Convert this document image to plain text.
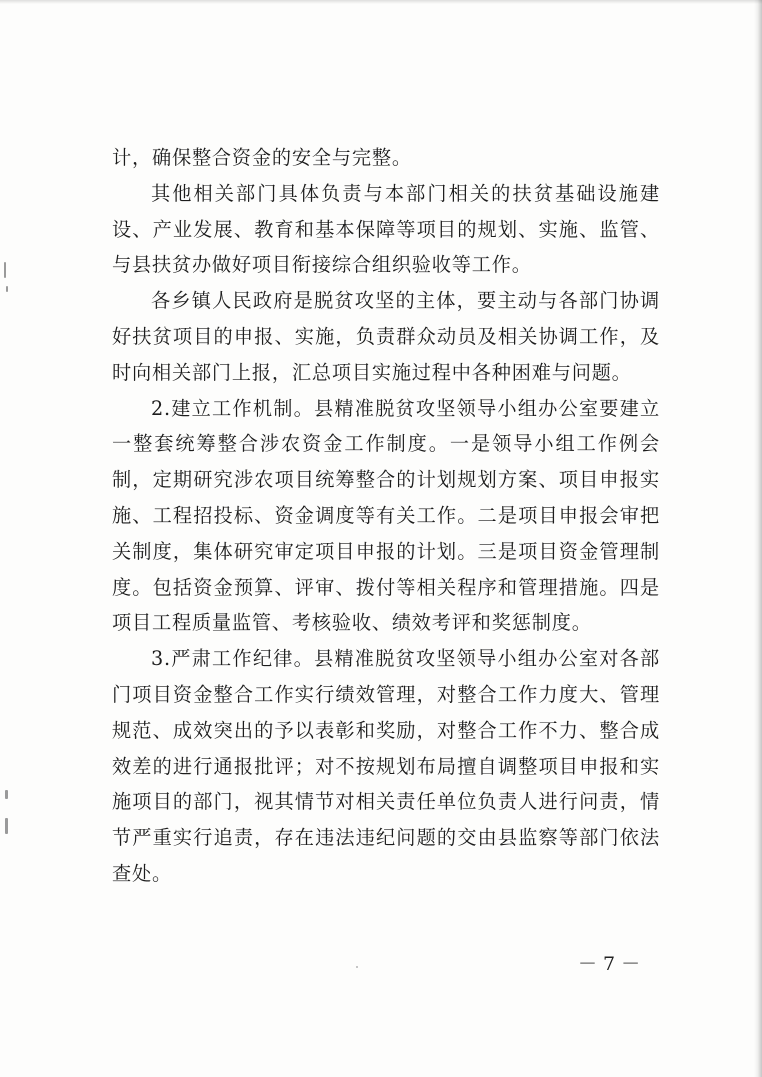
计，确保整合资金的安全与完整。

其他相关部门具体负责与本部门相关的扶贫基础设施建设、产业发展、教育和基本保障等项目的规划、实施、监管、与县扶贫办做好项目衔接综合组织验收等工作。

各乡镇人民政府是脱贫攻坚的主体，要主动与各部门协调好扶贫项目的申报、实施，负责群众动员及相关协调工作，及时向相关部门上报，汇总项目实施过程中各种困难与问题。

2.建立工作机制。县精准脱贫攻坚领导小组办公室要建立一整套统筹整合涉农资金工作制度。一是领导小组工作例会制，定期研究涉农项目统筹整合的计划规划方案、项目申报实施、工程招投标、资金调度等有关工作。二是项目申报会审把关制度，集体研究审定项目申报的计划。三是项目资金管理制度。包括资金预算、评审、拨付等相关程序和管理措施。四是项目工程质量监管、考核验收、绩效考评和奖惩制度。

3.严肃工作纪律。县精准脱贫攻坚领导小组办公室对各部门项目资金整合工作实行绩效管理，对整合工作力度大、管理规范、成效突出的予以表彰和奖励，对整合工作不力、整合成效差的进行通报批评；对不按规划布局擅自调整项目申报和实施项目的部门，视其情节对相关责任单位负责人进行问责，情节严重实行追责，存在违法违纪问题的交由县监察等部门依法查处。

－ 7 －
